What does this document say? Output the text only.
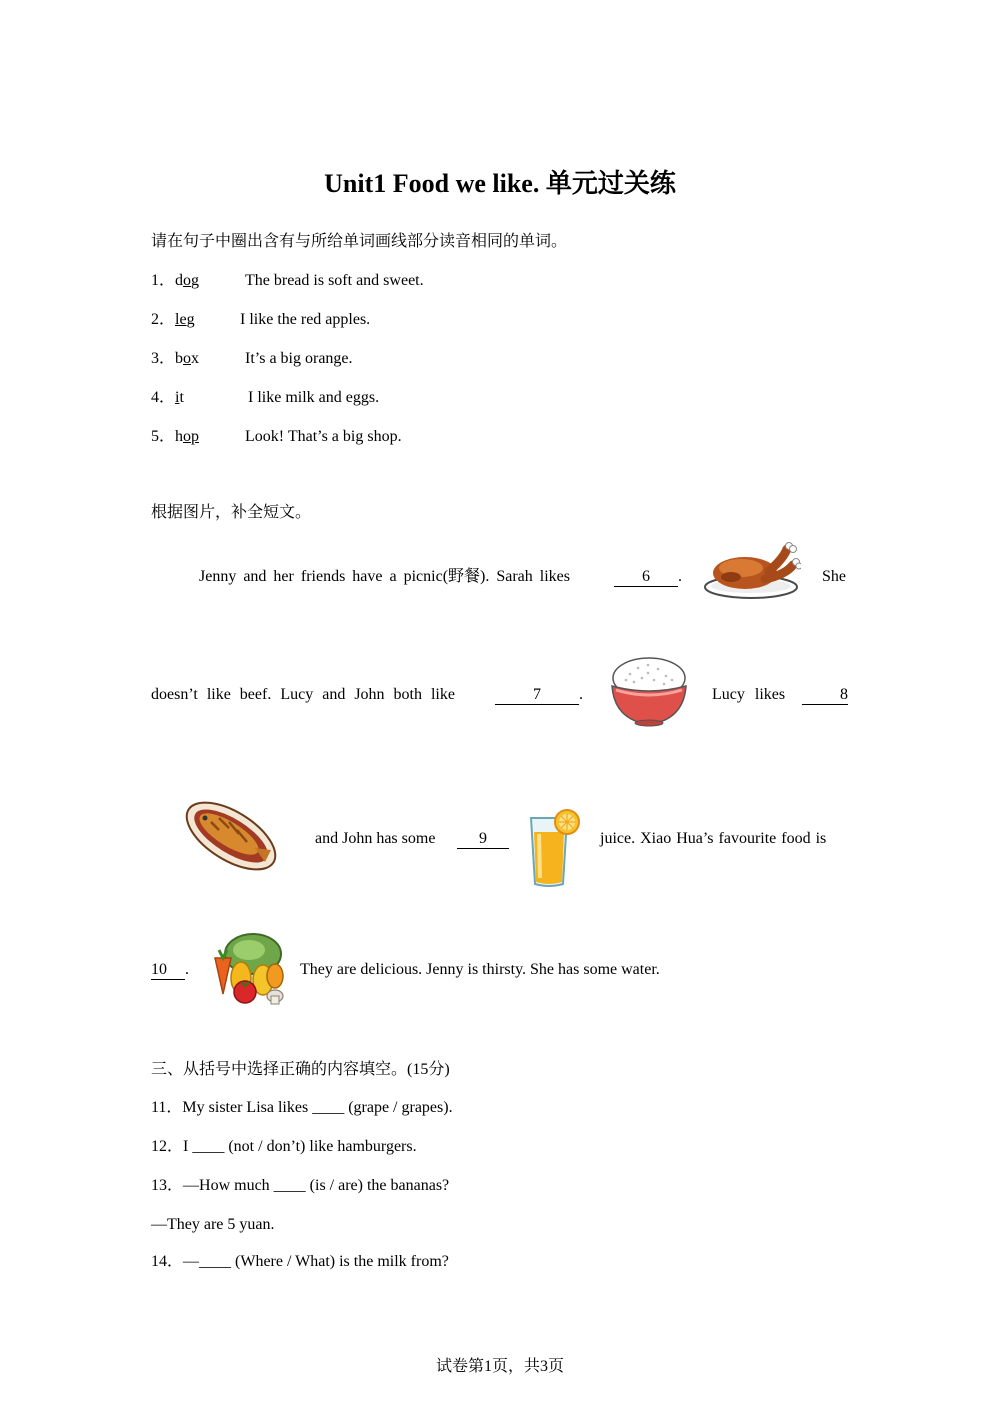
Unit1 Food we like. 单元过关练
请在句子中圈出含有与所给单词画线部分读音相同的单词。
1．dog	The bread is soft and sweet.
2．leg	I like the red apples.
3．box	It’s a big orange.
4．it	I like milk and eggs.
5．hop	Look! That’s a big shop.
根据图片，补全短文。
Jenny and her friends have a picnic(野餐). Sarah likes	6 .	She
doesn’t like beef. Lucy and John both like	7 .	Lucy likes	8
and John has some	9	juice. Xiao Hua’s favourite food is
10 .	They are delicious. Jenny is thirsty. She has some water.
三、从括号中选择正确的内容填空。(15分)
11．My sister Lisa likes ____ (grape / grapes).
12．I ____ (not / don’t) like hamburgers.
13．—How much ____ (is / are) the bananas?
—They are 5 yuan.
14．—____ (Where / What) is the milk from?
试卷第1页，共3页
